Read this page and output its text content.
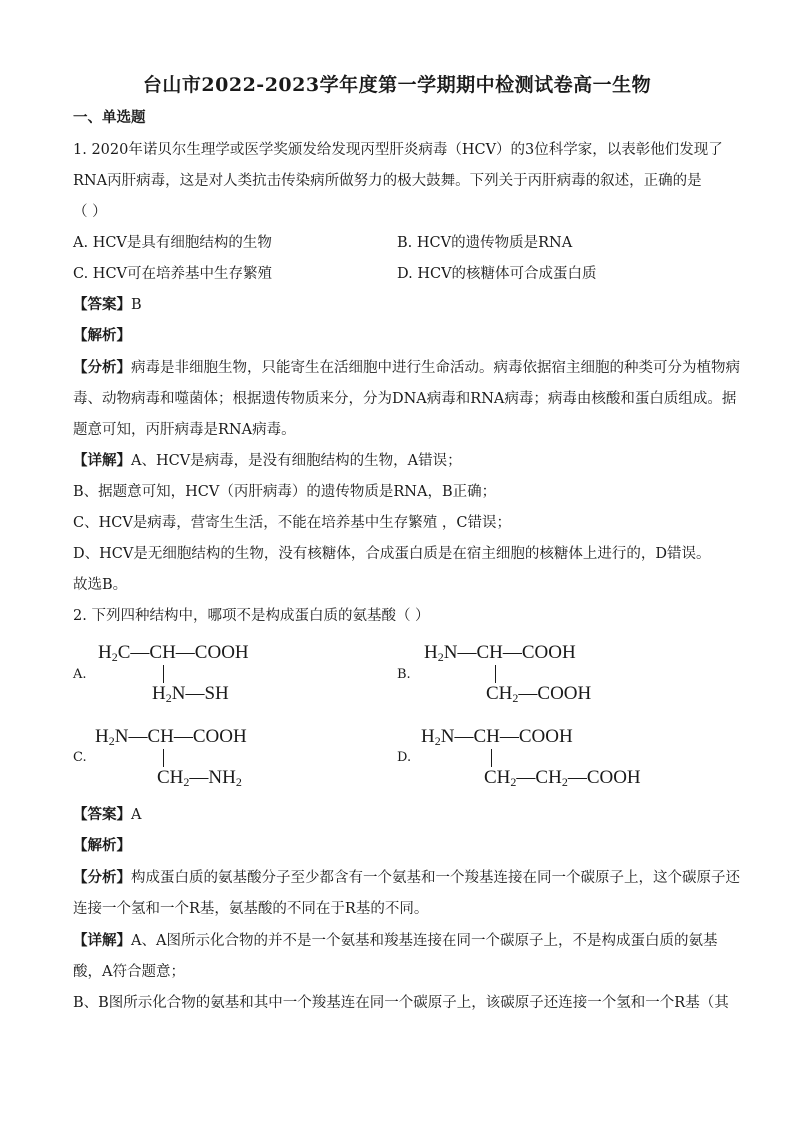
台山市2022-2023学年度第一学期期中检测试卷高一生物
一、单选题
1. 2020年诺贝尔生理学或医学奖颁发给发现丙型肝炎病毒（HCV）的3位科学家，以表彰他们发现了
RNA丙肝病毒，这是对人类抗击传染病所做努力的极大鼓舞。下列关于丙肝病毒的叙述，正确的是
（ ）
A. HCV是具有细胞结构的生物	B. HCV的遗传物质是RNA
C. HCV可在培养基中生存繁殖	D. HCV的核糖体可合成蛋白质
【答案】B
【解析】
【分析】病毒是非细胞生物，只能寄生在活细胞中进行生命活动。病毒依据宿主细胞的种类可分为植物病
毒、动物病毒和噬菌体；根据遗传物质来分，分为DNA病毒和RNA病毒；病毒由核酸和蛋白质组成。据
题意可知，丙肝病毒是RNA病毒。
【详解】A、HCV是病毒，是没有细胞结构的生物，A错误；
B、据题意可知，HCV（丙肝病毒）的遗传物质是RNA，B正确；
C、HCV是病毒，营寄生生活，不能在培养基中生存繁殖 ，C错误；
D、HCV是无细胞结构的生物，没有核糖体，合成蛋白质是在宿主细胞的核糖体上进行的，D错误。
故选B。
2. 下列四种结构中，哪项不是构成蛋白质的氨基酸（ ）
A.
$H_2C—CH—COOH$
$H_2N—SH$
B.
$H_2N—CH—COOH$
$CH_2—COOH$
C.
$H_2N—CH—COOH$
$CH_2—NH_2$
D.
$H_2N—CH—COOH$
$CH_2—CH_2—COOH$
【答案】A
【解析】
【分析】构成蛋白质的氨基酸分子至少都含有一个氨基和一个羧基连接在同一个碳原子上，这个碳原子还
连接一个氢和一个R基，氨基酸的不同在于R基的不同。
【详解】A、A图所示化合物的并不是一个氨基和羧基连接在同一个碳原子上，不是构成蛋白质的氨基
酸，A符合题意；
B、B图所示化合物的氨基和其中一个羧基连在同一个碳原子上，该碳原子还连接一个氢和一个R基（其
